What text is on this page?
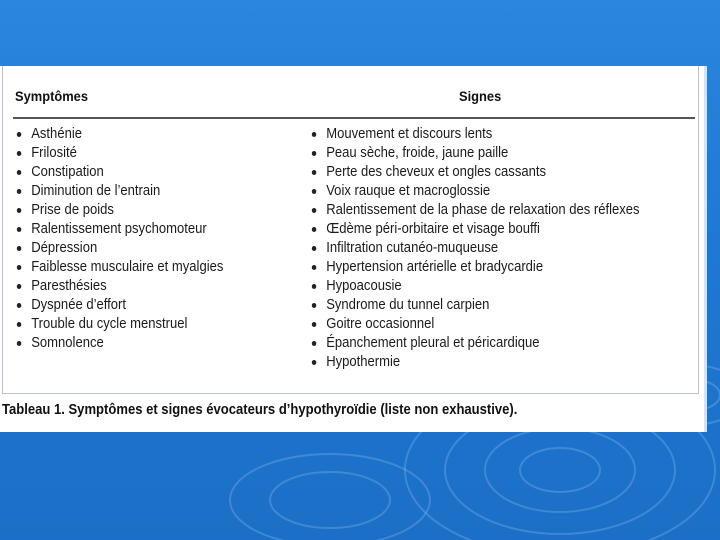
Symptômes	Signes
Asthénie
Frilosité
Constipation
Diminution de l’entrain
Prise de poids
Ralentissement psychomoteur
Dépression
Faiblesse musculaire et myalgies
Paresthésies
Dyspnée d’effort
Trouble du cycle menstruel
Somnolence
Mouvement et discours lents
Peau sèche, froide, jaune paille
Perte des cheveux et ongles cassants
Voix rauque et macroglossie
Ralentissement de la phase de relaxation des réflexes
Œdème péri-orbitaire et visage bouffi
Infiltration cutanéo-muqueuse
Hypertension artérielle et bradycardie
Hypoacousie
Syndrome du tunnel carpien
Goitre occasionnel
Épanchement pleural et péricardique
Hypothermie
Tableau 1. Symptômes et signes évocateurs d’hypothyroïdie (liste non exhaustive).
